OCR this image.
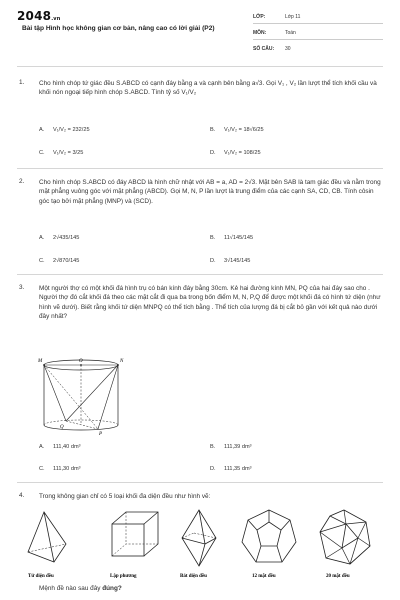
2048.vn
Bài tập Hình học không gian cơ bản, nâng cao có lời giải (P2)
LỚP:	Lớp 11
MÔN:	Toán
SỐ CÂU: 30
1. Cho hình chóp tứ giác đều S.ABCD có cạnh đáy bằng a và cạnh bên bằng a√3. Gọi V₁ , V₂ lần lượt thể tích khối cầu và khối nón ngoại tiếp hình chóp S.ABCD. Tính tỷ số V₁/V₂
A. V₁/V₂ = 232/25	B. V₁/V₂ = 18√6/25
C. V₁/V₂ = 3/25	D. V₁/V₂ = 108/25
2. Cho hình chóp S.ABCD có đáy ABCD là hình chữ nhật với AB = a, AD = 2√3. Mặt bên SAB là tam giác đều và nằm trong mặt phẳng vuông góc với mặt phẳng (ABCD). Gọi M, N, P lần lượt là trung điểm của các cạnh SA, CD, CB. Tính côsin góc tạo bởi mặt phẳng (MNP) và (SCD).
A. 2√435/145	B. 11√145/145
C. 2√870/145	D. 3√145/145
3. Một người thợ có một khối đá hình trụ có bán kính đáy bằng 30cm. Kẻ hai đường kính MN, PQ của hai đáy sao cho . Người thợ đó cắt khối đá theo các mặt cắt đi qua ba trong bốn điểm M, N, P,Q để được một khối đá có hình tứ diện (như hình vẽ dưới). Biết rằng khối tứ diện MNPQ có thể tích bằng . Thể tích của lượng đá bị cắt bỏ gần với kết quả nào dưới đây nhất?
M	N
O
Q
P
A. 111,40 dm³	B. 111,39 dm³
C. 111,30 dm³	D. 111,35 dm³
4. Trong không gian chỉ có 5 loại khối đa diện đều như hình vẽ:
Tứ diện đều	Lập phương	Bát diện đều	12 mặt đều	20 mặt đều
Mệnh đề nào sau đây đúng?
